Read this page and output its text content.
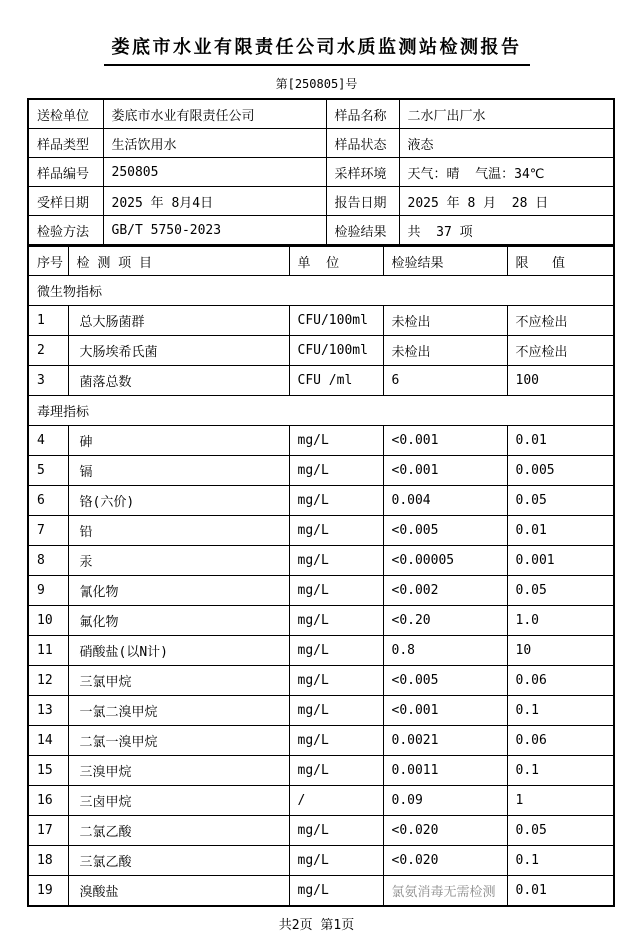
娄底市水业有限责任公司水质监测站检测报告
第[250805]号
送检单位	娄底市水业有限责任公司	样品名称	二水厂出厂水
样品类型	生活饮用水	样品状态	液态
样品编号	250805	采样环境	天气：晴  气温：34℃
受样日期	2025 年 8月4日	报告日期	2025 年 8 月  28 日
检验方法	GB/T 5750-2023	检验结果	共  37 项
序号	检 测 项 目	单  位	检验结果	限   值
微生物指标				
1	总大肠菌群	CFU/100ml	未检出	不应检出
2	大肠埃希氏菌	CFU/100ml	未检出	不应检出
3	菌落总数	CFU /ml	6	100
毒理指标				
4	砷	mg/L	<0.001	0.01
5	镉	mg/L	<0.001	0.005
6	铬(六价)	mg/L	0.004	0.05
7	铅	mg/L	<0.005	0.01
8	汞	mg/L	<0.00005	0.001
9	氰化物	mg/L	<0.002	0.05
10	氟化物	mg/L	<0.20	1.0
11	硝酸盐(以N计)	mg/L	0.8	10
12	三氯甲烷	mg/L	<0.005	0.06
13	一氯二溴甲烷	mg/L	<0.001	0.1
14	二氯一溴甲烷	mg/L	0.0021	0.06
15	三溴甲烷	mg/L	0.0011	0.1
16	三卤甲烷	/	0.09	1
17	二氯乙酸	mg/L	<0.020	0.05
18	三氯乙酸	mg/L	<0.020	0.1
19	溴酸盐	mg/L	氯氨消毒无需检测	0.01
共2页 第1页
